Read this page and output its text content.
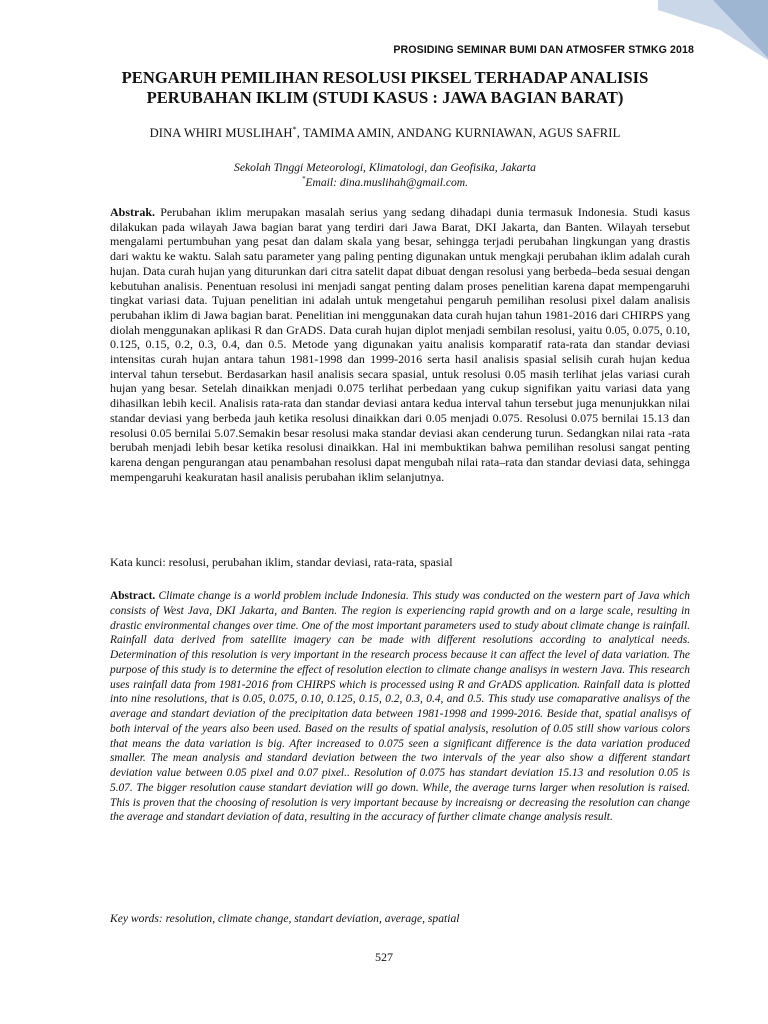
PROSIDING SEMINAR BUMI DAN ATMOSFER STMKG 2018
PENGARUH PEMILIHAN RESOLUSI PIKSEL TERHADAP ANALISIS
PERUBAHAN IKLIM (STUDI KASUS : JAWA BAGIAN BARAT)
DINA WHIRI MUSLIHAH*, TAMIMA AMIN, ANDANG KURNIAWAN, AGUS SAFRIL
Sekolah Tinggi Meteorologi, Klimatologi, dan Geofisika, Jakarta
*Email: dina.muslihah@gmail.com.

Abstrak. Perubahan iklim merupakan masalah serius yang sedang dihadapi dunia termasuk Indonesia. Studi kasus dilakukan pada wilayah Jawa bagian barat yang terdiri dari Jawa Barat, DKI Jakarta, dan Banten. Wilayah tersebut mengalami pertumbuhan yang pesat dan dalam skala yang besar, sehingga terjadi perubahan lingkungan yang drastis dari waktu ke waktu. Salah satu parameter yang paling penting digunakan untuk mengkaji perubahan iklim adalah curah hujan. Data curah hujan yang diturunkan dari citra satelit dapat dibuat dengan resolusi yang berbeda–beda sesuai dengan kebutuhan analisis. Penentuan resolusi ini menjadi sangat penting dalam proses penelitian karena dapat mempengaruhi tingkat variasi data. Tujuan penelitian ini adalah untuk mengetahui pengaruh pemilihan resolusi pixel dalam analisis perubahan iklim di Jawa bagian barat. Penelitian ini menggunakan data curah hujan tahun 1981-2016 dari CHIRPS yang diolah menggunakan aplikasi R dan GrADS. Data curah hujan diplot menjadi sembilan resolusi, yaitu 0.05, 0.075, 0.10, 0.125, 0.15, 0.2, 0.3, 0.4, dan 0.5. Metode yang digunakan yaitu analisis komparatif rata-rata dan standar deviasi intensitas curah hujan antara tahun 1981-1998 dan 1999-2016 serta hasil analisis spasial selisih curah hujan kedua interval tahun tersebut. Berdasarkan hasil analisis secara spasial, untuk resolusi 0.05 masih terlihat jelas variasi curah hujan yang besar. Setelah dinaikkan menjadi 0.075 terlihat perbedaan yang cukup signifikan yaitu variasi data yang dihasilkan lebih kecil. Analisis rata-rata dan standar deviasi antara kedua interval tahun tersebut juga menunjukkan nilai standar deviasi yang berbeda jauh ketika resolusi dinaikkan dari 0.05 menjadi 0.075. Resolusi 0.075 bernilai 15.13 dan resolusi 0.05 bernilai 5.07.Semakin besar resolusi maka standar deviasi akan cenderung turun. Sedangkan nilai rata -rata berubah menjadi lebih besar ketika resolusi dinaikkan. Hal ini membuktikan bahwa pemilihan resolusi sangat penting karena dengan pengurangan atau penambahan resolusi dapat mengubah nilai rata–rata dan standar deviasi data, sehingga mempengaruhi keakuratan hasil analisis perubahan iklim selanjutnya.

Kata kunci: resolusi, perubahan iklim, standar deviasi, rata-rata, spasial

Abstract. Climate change is a world problem include Indonesia. This study was conducted on the western part of Java which consists of West Java, DKI Jakarta, and Banten. The region is experiencing rapid growth and on a large scale, resulting in drastic environmental changes over time. One of the most important parameters used to study about climate change is rainfall. Rainfall data derived from satellite imagery can be made with different resolutions according to analytical needs. Determination of this resolution is very important in the research process because it can affect the level of data variation. The purpose of this study is to determine the effect of resolution election to climate change analisys in western Java. This research uses rainfall data from 1981-2016 from CHIRPS which is processed using R and GrADS application. Rainfall data is plotted into nine resolutions, that is 0.05, 0.075, 0.10, 0.125, 0.15, 0.2, 0.3, 0.4, and 0.5. This study use comaparative analisys of the average and standart deviation of the precipitation data between 1981-1998 and 1999-2016. Beside that, spatial analisys of both interval of the years also been used. Based on the results of spatial analysis, resolution of 0.05 still show various colors that means the data variation is big. After increased to 0.075 seen a significant difference is the data variation produced smaller. The mean analysis and standard deviation between the two intervals of the year also show a different standart deviation value between 0.05 pixel and 0.07 pixel.. Resolution of 0.075 has standart deviation 15.13 and resolution 0.05 is 5.07. The bigger resolution cause standart deviation will go down. While, the average turns larger when resolution is raised. This is proven that the choosing of resolution is very important because by increaisng or decreasing the resolution can change the average and standart deviation of data, resulting in the accuracy of further climate change analysis result.

Key words: resolution, climate change, standart deviation, average, spatial

527
